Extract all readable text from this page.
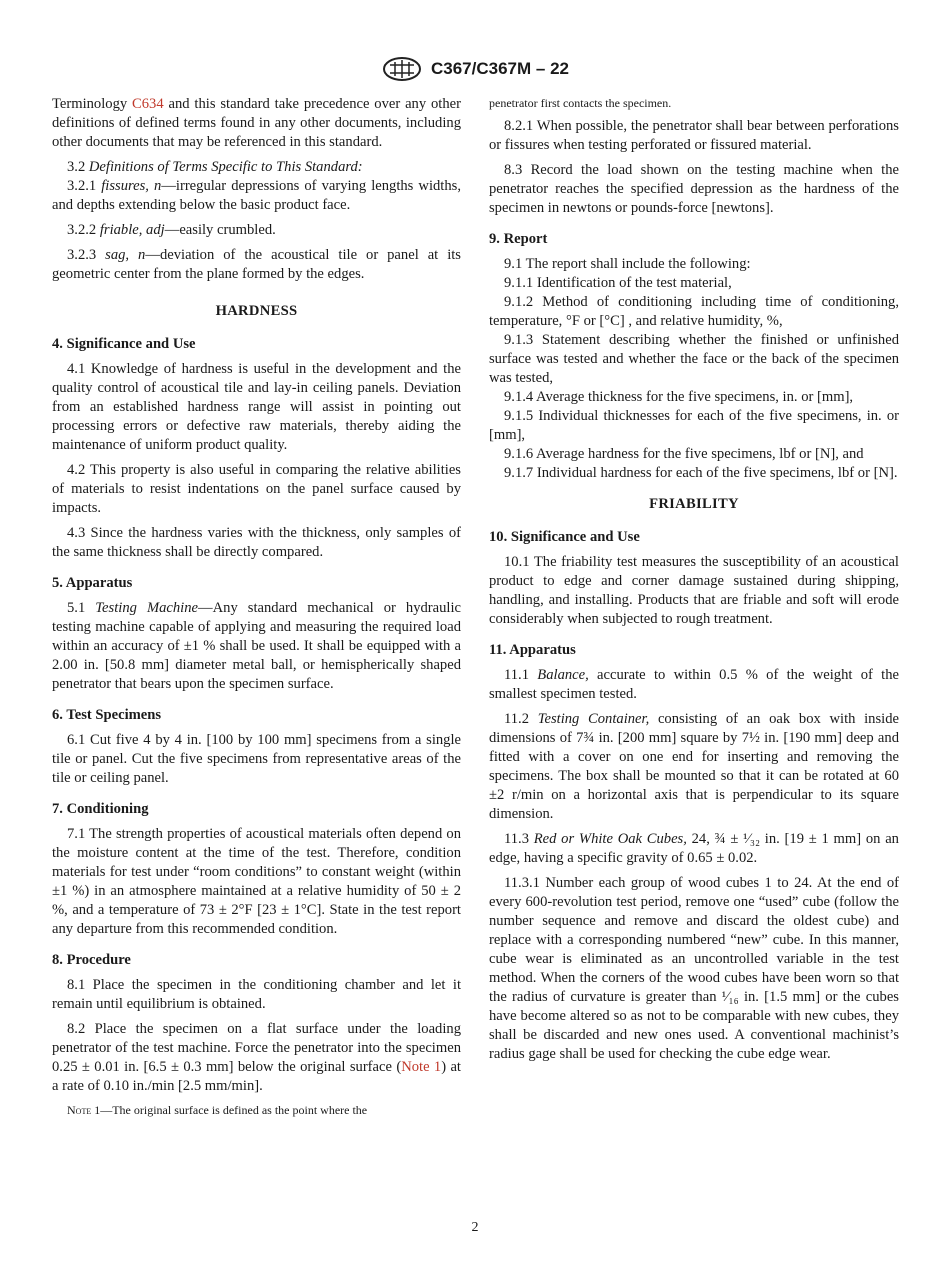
C367/C367M – 22

Terminology C634 and this standard take precedence over any other definitions of defined terms found in any other documents, including other documents that may be referenced in this standard.

3.2 Definitions of Terms Specific to This Standard:

3.2.1 fissures, n—irregular depressions of varying lengths widths, and depths extending below the basic product face.

3.2.2 friable, adj—easily crumbled.

3.2.3 sag, n—deviation of the acoustical tile or panel at its geometric center from the plane formed by the edges.

HARDNESS
4. Significance and Use

4.1 Knowledge of hardness is useful in the development and the quality control of acoustical tile and lay-in ceiling panels. Deviation from an established hardness range will assist in pointing out processing errors or defective raw materials, thereby aiding the maintenance of uniform product quality.

4.2 This property is also useful in comparing the relative abilities of materials to resist indentations on the panel surface caused by impacts.

4.3 Since the hardness varies with the thickness, only samples of the same thickness shall be directly compared.

5. Apparatus

5.1 Testing Machine—Any standard mechanical or hydraulic testing machine capable of applying and measuring the required load within an accuracy of ±1 % shall be used. It shall be equipped with a 2.00 in. [50.8 mm] diameter metal ball, or hemispherically shaped penetrator that bears upon the specimen surface.

6. Test Specimens

6.1 Cut five 4 by 4 in. [100 by 100 mm] specimens from a single tile or panel. Cut the five specimens from representative areas of the tile or ceiling panel.

7. Conditioning

7.1 The strength properties of acoustical materials often depend on the moisture content at the time of the test. Therefore, condition materials for test under “room conditions” to constant weight (within ±1 %) in an atmosphere maintained at a relative humidity of 50 ± 2 %, and a temperature of 73 ± 2°F [23 ± 1°C]. State in the test report any departure from this recommended condition.

8. Procedure

8.1 Place the specimen in the conditioning chamber and let it remain until equilibrium is obtained.

8.2 Place the specimen on a flat surface under the loading penetrator of the test machine. Force the penetrator into the specimen 0.25 ± 0.01 in. [6.5 ± 0.3 mm] below the original surface (Note 1) at a rate of 0.10 in./min [2.5 mm/min].

Note 1—The original surface is defined as the point where the

penetrator first contacts the specimen.

8.2.1 When possible, the penetrator shall bear between perforations or fissures when testing perforated or fissured material.

8.3 Record the load shown on the testing machine when the penetrator reaches the specified depression as the hardness of the specimen in newtons or pounds-force [newtons].

9. Report

9.1 The report shall include the following:

9.1.1 Identification of the test material,

9.1.2 Method of conditioning including time of conditioning, temperature, °F or [°C] , and relative humidity, %,

9.1.3 Statement describing whether the finished or unfinished surface was tested and whether the face or the back of the specimen was tested,

9.1.4 Average thickness for the five specimens, in. or [mm],

9.1.5 Individual thicknesses for each of the five specimens, in. or [mm],

9.1.6 Average hardness for the five specimens, lbf or [N], and

9.1.7 Individual hardness for each of the five specimens, lbf or [N].

FRIABILITY
10. Significance and Use

10.1 The friability test measures the susceptibility of an acoustical product to edge and corner damage sustained during shipping, handling, and installing. Products that are friable and soft will erode considerably when subjected to rough treatment.

11. Apparatus

11.1 Balance, accurate to within 0.5 % of the weight of the smallest specimen tested.

11.2 Testing Container, consisting of an oak box with inside dimensions of 7¾ in. [200 mm] square by 7½ in. [190 mm] deep and fitted with a cover on one end for inserting and removing the specimens. The box shall be mounted so that it can be rotated at 60 ±2 r/min on a horizontal axis that is perpendicular to its square dimension.

11.3 Red or White Oak Cubes, 24, ¾ ± ¹⁄₃₂ in. [19 ± 1 mm] on an edge, having a specific gravity of 0.65 ± 0.02.

11.3.1 Number each group of wood cubes 1 to 24. At the end of every 600-revolution test period, remove one “used” cube (follow the number sequence and remove and discard the oldest cube) and replace with a corresponding numbered “new” cube. In this manner, cube wear is eliminated as an uncontrolled variable in the test method. When the corners of the wood cubes have been worn so that the radius of curvature is greater than ¹⁄₁₆ in. [1.5 mm] or the cubes have become altered so as not to be comparable with new cubes, they shall be discarded and new ones used. A conventional machinist’s radius gage shall be used for checking the cube edge wear.

2
